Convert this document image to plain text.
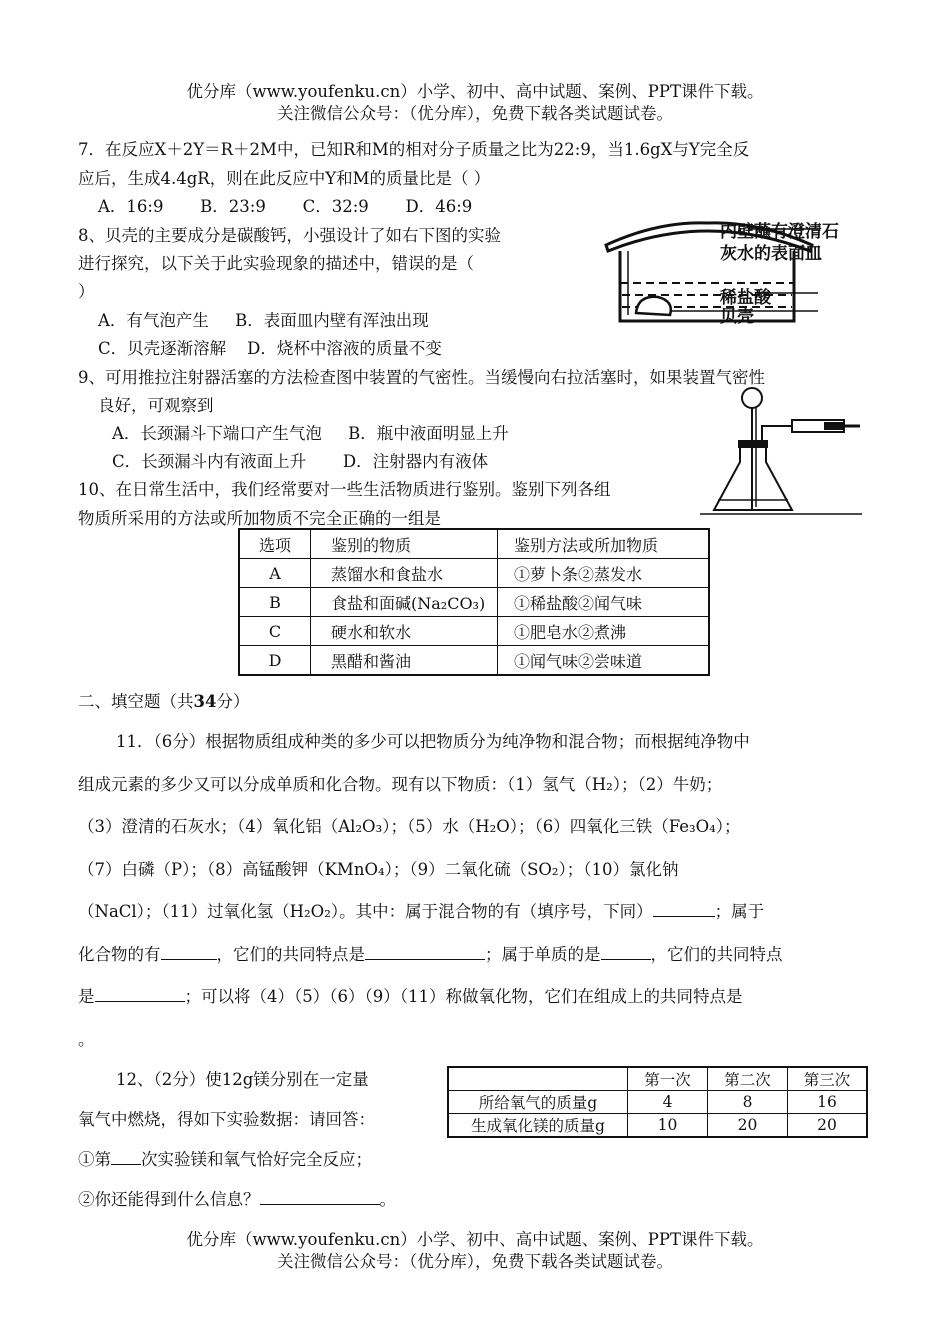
优分库（www.youfenku.cn）小学、初中、高中试题、案例、PPT课件下载。
关注微信公众号：（优分库），免费下载各类试题试卷。
7．在反应X＋2Y＝R＋2M中，已知R和M的相对分子质量之比为22:9，当1.6gX与Y完全反
应后，生成4.4gR，则在此反应中Y和M的质量比是（ ）
A．16:9       B．23:9       C．32:9       D．46:9
8、贝壳的主要成分是碳酸钙，小强设计了如右下图的实验
进行探究，以下关于此实验现象的描述中，错误的是（
）
A．有气泡产生     B．表面皿内壁有浑浊出现
C．贝壳逐渐溶解    D．烧杯中溶液的质量不变
内壁蘸有澄清石
灰水的表面皿
稀盐酸
贝壳
9、可用推拉注射器活塞的方法检查图中装置的气密性。当缓慢向右拉活塞时，如果装置气密性
良好，可观察到
A．长颈漏斗下端口产生气泡     B．瓶中液面明显上升
C．长颈漏斗内有液面上升       D．注射器内有液体
10、在日常生活中，我们经常要对一些生活物质进行鉴别。鉴别下列各组
物质所采用的方法或所加物质不完全正确的一组是
选项	鉴别的物质	鉴别方法或所加物质
A	蒸馏水和食盐水	①萝卜条②蒸发水
B	食盐和面碱(Na₂CO₃)	①稀盐酸②闻气味
C	硬水和软水	①肥皂水②煮沸
D	黑醋和酱油	①闻气味②尝味道
二、填空题（共34分）
11．（6分）根据物质组成种类的多少可以把物质分为纯净物和混合物；而根据纯净物中
组成元素的多少又可以分成单质和化合物。现有以下物质：（1）氢气（H₂）；（2）牛奶；
（3）澄清的石灰水；（4）氧化铝（Al₂O₃）；（5）水（H₂O）；（6）四氧化三铁（Fe₃O₄）；
（7）白磷（P）；（8）高锰酸钾（KMnO₄）；（9）二氧化硫（SO₂）；（10）氯化钠
（NaCl）；（11）过氧化氢（H₂O₂）。其中：属于混合物的有（填序号，下同）	；属于
化合物的有	，它们的共同特点是	；属于单质的是	，它们的共同特点
是	；可以将（4）（5）（6）（9）（11）称做氧化物，它们在组成上的共同特点是
。
12、（2分）使12g镁分别在一定量
氧气中燃烧，得如下实验数据：请回答：
①第 次实验镁和氧气恰好完全反应；
②你还能得到什么信息？	。
	第一次	第二次	第三次
所给氧气的质量g	4	8	16
生成氧化镁的质量g	10	20	20
优分库（www.youfenku.cn）小学、初中、高中试题、案例、PPT课件下载。
关注微信公众号：（优分库），免费下载各类试题试卷。
